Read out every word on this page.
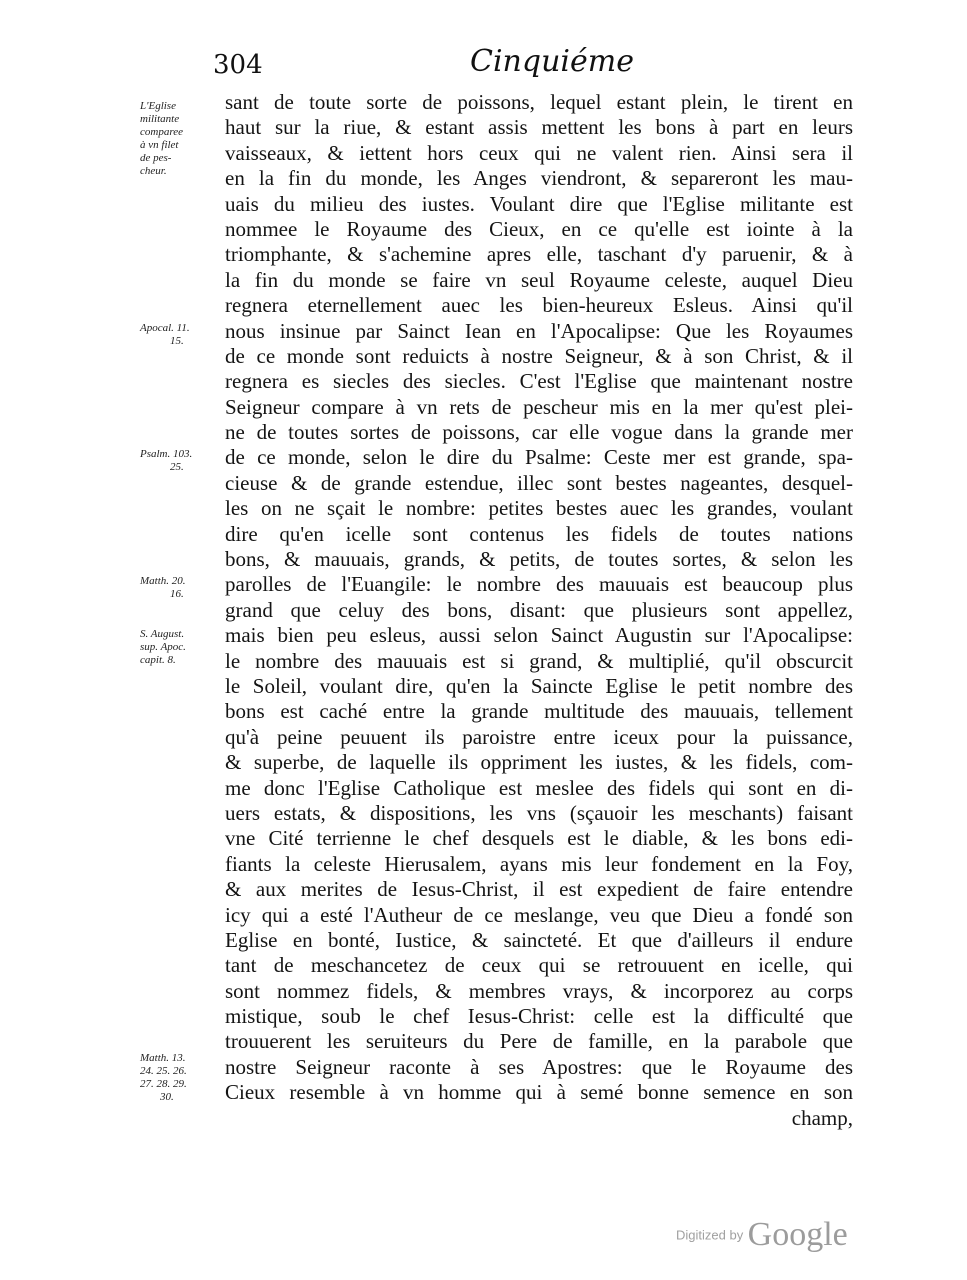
304	Cinquiéme
sant de toute sorte de poissons, lequel estant plein, le tirent en
haut sur la riue, & estant assis mettent les bons à part en leurs
vaisseaux, & iettent hors ceux qui ne valent rien. Ainsi sera il
en la fin du monde, les Anges viendront, & separeront les mau-
uais du milieu des iustes. Voulant dire que l'Eglise militante est
nommee le Royaume des Cieux, en ce qu'elle est iointe à la
triomphante, & s'achemine apres elle, taschant d'y paruenir, & à
la fin du monde se faire vn seul Royaume celeste, auquel Dieu
regnera eternellement auec les bien-heureux Esleus. Ainsi qu'il
nous insinue par Sainct Iean en l'Apocalipse: Que les Royaumes
de ce monde sont reduicts à nostre Seigneur, & à son Christ, & il
regnera es siecles des siecles. C'est l'Eglise que maintenant nostre
Seigneur compare à vn rets de pescheur mis en la mer qu'est plei-
ne de toutes sortes de poissons, car elle vogue dans la grande mer
de ce monde, selon le dire du Psalme: Ceste mer est grande, spa-
cieuse & de grande estendue, illec sont bestes nageantes, desquel-
les on ne sçait le nombre: petites bestes auec les grandes, voulant
dire qu'en icelle sont contenus les fidels de toutes nations
bons, & mauuais, grands, & petits, de toutes sortes, & selon les
parolles de l'Euangile: le nombre des mauuais est beaucoup plus
grand que celuy des bons, disant: que plusieurs sont appellez,
mais bien peu esleus, aussi selon Sainct Augustin sur l'Apocalipse:
le nombre des mauuais est si grand, & multiplié, qu'il obscurcit
le Soleil, voulant dire, qu'en la Saincte Eglise le petit nombre des
bons est caché entre la grande multitude des mauuais, tellement
qu'à peine peuuent ils paroistre entre iceux pour la puissance,
& superbe, de laquelle ils oppriment les iustes, & les fidels, com-
me donc l'Eglise Catholique est meslee des fidels qui sont en di-
uers estats, & dispositions, les vns (sçauoir les meschants) faisant
vne Cité terrienne le chef desquels est le diable, & les bons edi-
fiants la celeste Hierusalem, ayans mis leur fondement en la Foy,
& aux merites de Iesus-Christ, il est expedient de faire entendre
icy qui a esté l'Autheur de ce meslange, veu que Dieu a fondé son
Eglise en bonté, Iustice, & saincteté. Et que d'ailleurs il endure
tant de meschancetez de ceux qui se retrouuent en icelle, qui
sont nommez fidels, & membres vrays, & incorporez au corps
mistique, soub le chef Iesus-Christ: celle est la difficulté que
trouuerent les seruiteurs du Pere de famille, en la parabole que
nostre Seigneur raconte à ses Apostres: que le Royaume des
Cieux resemble à vn homme qui à semé bonne semence en son
champ,
L'Eglise
militante
comparee
à vn filet
de pes-
cheur.
Apocal. 11.
15.
Psalm. 103.
25.
Matth. 20.
16.
S. August.
sup. Apoc.
capit. 8.
Matth. 13.
24. 25. 26.
27. 28. 29.
30.
Digitized by Google
